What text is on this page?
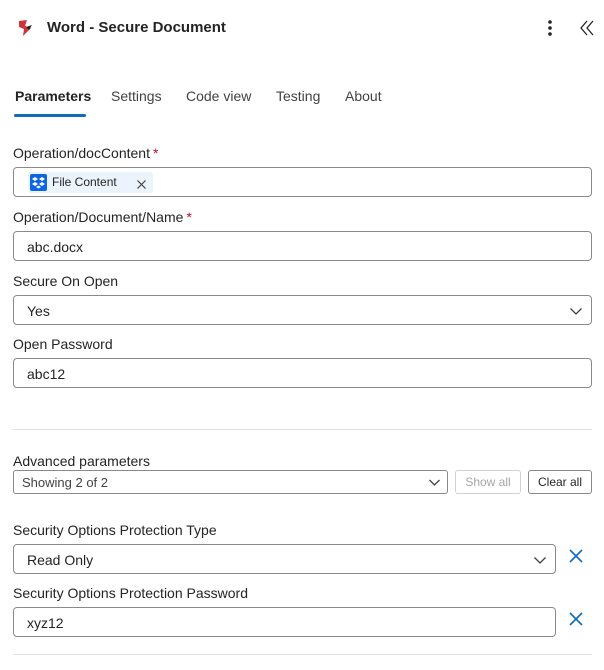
Word - Secure Document
Parameters Settings Code view Testing About
Operation/docContent *
File Content
Operation/Document/Name *
abc.docx
Secure On Open
Yes
Open Password
abc12
Advanced parameters
Showing 2 of 2	Show all	Clear all
Security Options Protection Type
Read Only
Security Options Protection Password
xyz12
